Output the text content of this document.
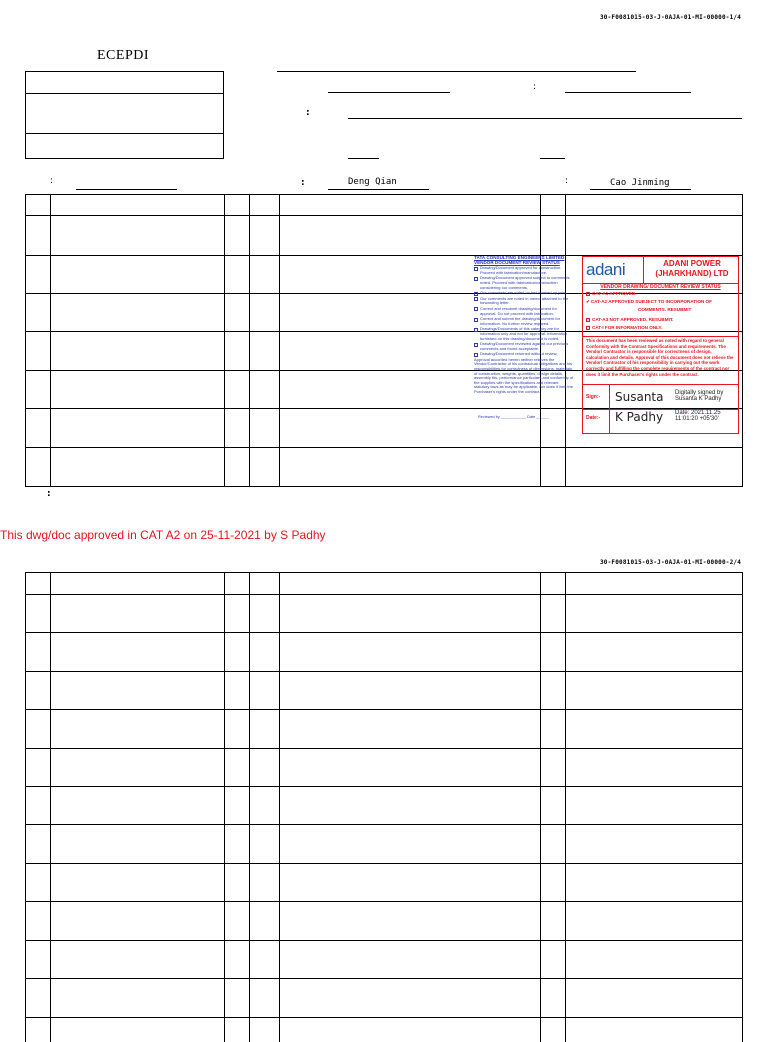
30-F0081015-03-J-0AJA-01-MI-00000-1/4
ECEPDI
:
:
:	:	Deng Qian	:	Cao Jinming
TATA CONSULTING ENGINEERS LIMITED
VENDOR DOCUMENT REVIEW STATUS
Drawing/Document approved for construction. Proceed with fabrication/manufacture.
Drawing/Document approved subject to comments noted. Proceed with fabrication/construction considering our comments.
Our comments are noted on last marked up print.
Our comments are noted in memo attached to the forwarding letter.
Correct and resubmit drawing/document for approval. Do not proceed with fabrication.
Correct and submit the drawing/document for information. No further review required.
Drawings/Documents of this category are for information only and not for approval. Information furnished on this drawing/document is noted.
Drawing/Document reviewed against our previous comments and found acceptable.
Drawing/Document returned without review.
Approval accorded herein neither relieves the Vendor/Contractor of his contractual obligations and his responsibilities for correctness of dimensions, materials of construction, weights, quantities, design details, assembly fits, performance particulars and conformity of the supplies with the specifications and relevant statutory laws as may be applicable, nor does it limit the Purchaser's rights under the contract.
Reviewed by ____________ Date ______
adani	ADANI POWER
(JHARKHAND) LTD
VENDOR DRAWING/ DOCUMENT REVIEW STATUS
CAT-A1 APPROVED.
✔CAT-A2 APPROVED SUBJECT TO INCORPORATION OF
COMMENTS. RESUBMIT
CAT-A3 NOT APPROVED. RESUBMIT.
CAT-I FOR INFORMATION ONLY.
This document has been reviewed as noted with regard to general Conformity with the Contract Specifications and requirements. The Vendor/ Contractor is responsible for correctness of design, calculation and details. Approval of this document does not relieve the Vendor/ Contractor of his responsibility in carrying out the work correctly and fulfilling the complete requirements of the contract nor does it limit the Purchaser's rights under the contract.
Sign:- Susanta Digitally signed by
Susanta K Padhy
Date:- K Padhy Date: 2021.11.25
11:01:20 +05'30'
:
This dwg/doc approved in CAT A2 on 25-11-2021 by S Padhy
30-F0081015-03-J-0AJA-01-MI-00000-2/4
